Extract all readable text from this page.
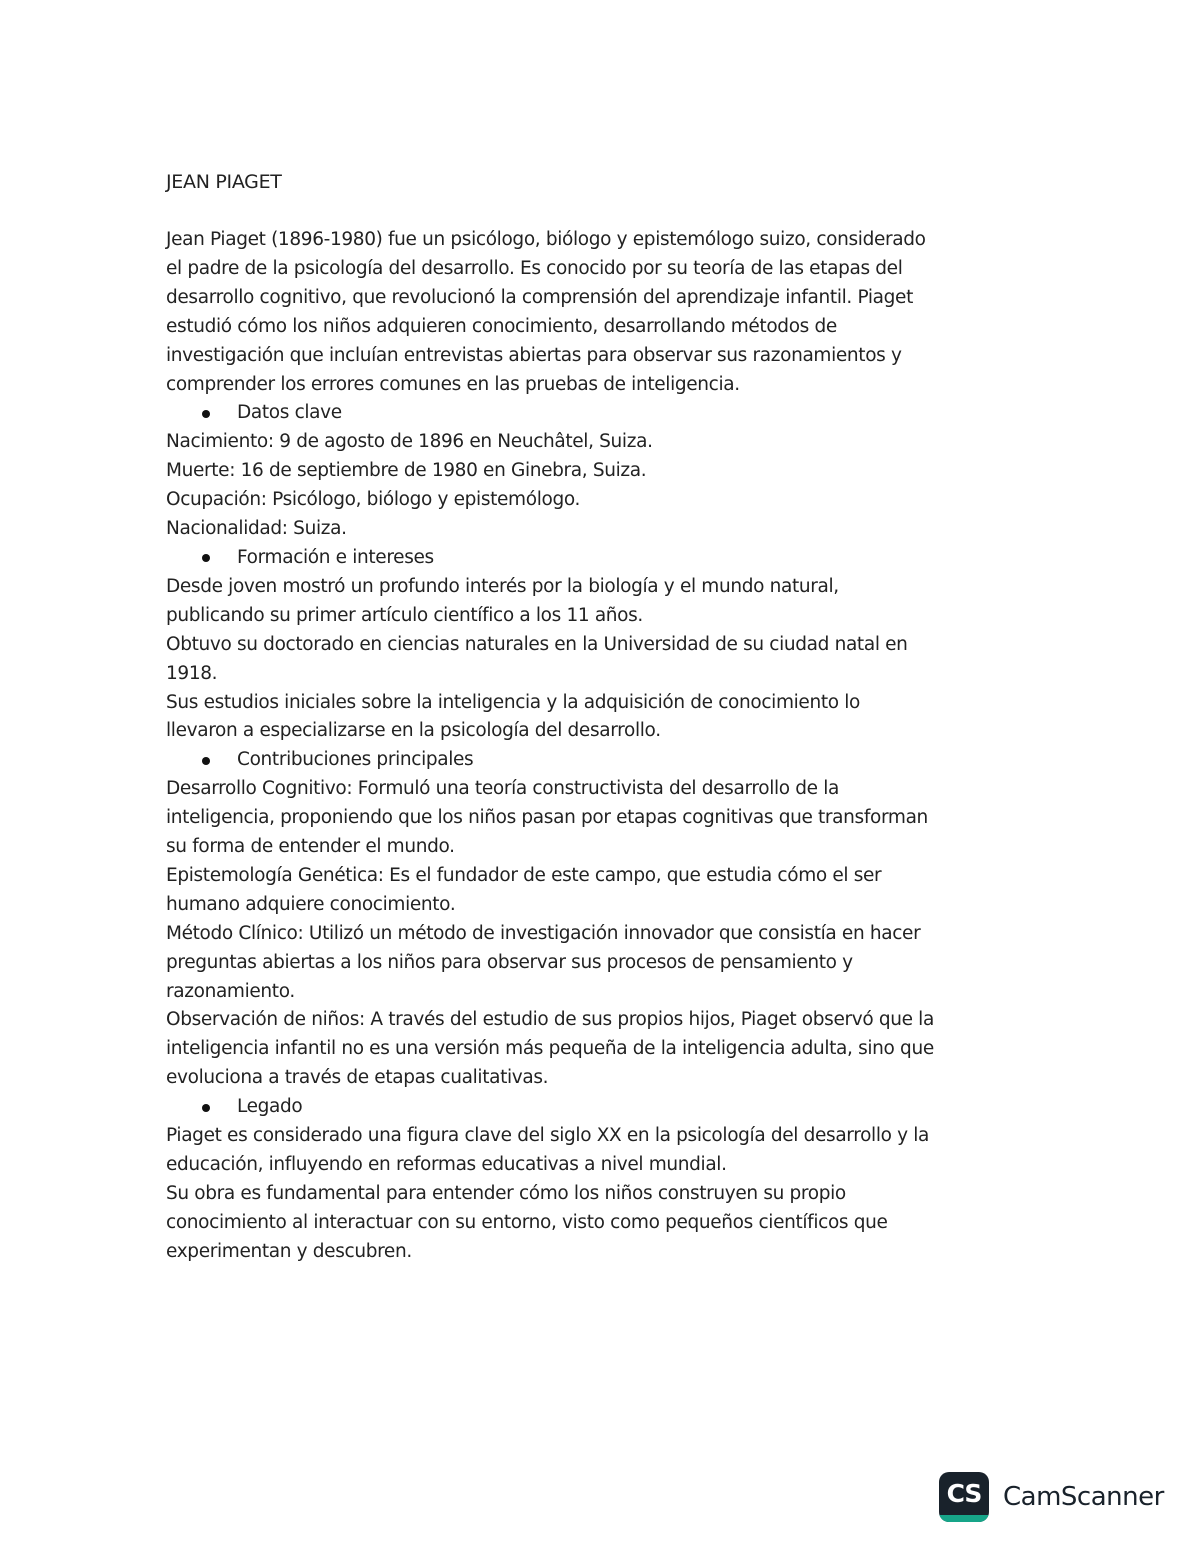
JEAN PIAGET

Jean Piaget (1896-1980) fue un psicólogo, biólogo y epistemólogo suizo, considerado

el padre de la psicología del desarrollo. Es conocido por su teoría de las etapas del

desarrollo cognitivo, que revolucionó la comprensión del aprendizaje infantil. Piaget

estudió cómo los niños adquieren conocimiento, desarrollando métodos de

investigación que incluían entrevistas abiertas para observar sus razonamientos y

comprender los errores comunes en las pruebas de inteligencia.

Datos clave

Nacimiento: 9 de agosto de 1896 en Neuchâtel, Suiza.

Muerte: 16 de septiembre de 1980 en Ginebra, Suiza.

Ocupación: Psicólogo, biólogo y epistemólogo.

Nacionalidad: Suiza.

Formación e intereses

Desde joven mostró un profundo interés por la biología y el mundo natural,

publicando su primer artículo científico a los 11 años.

Obtuvo su doctorado en ciencias naturales en la Universidad de su ciudad natal en

1918.

Sus estudios iniciales sobre la inteligencia y la adquisición de conocimiento lo

llevaron a especializarse en la psicología del desarrollo.

Contribuciones principales

Desarrollo Cognitivo: Formuló una teoría constructivista del desarrollo de la

inteligencia, proponiendo que los niños pasan por etapas cognitivas que transforman

su forma de entender el mundo.

Epistemología Genética: Es el fundador de este campo, que estudia cómo el ser

humano adquiere conocimiento.

Método Clínico: Utilizó un método de investigación innovador que consistía en hacer

preguntas abiertas a los niños para observar sus procesos de pensamiento y

razonamiento.

Observación de niños: A través del estudio de sus propios hijos, Piaget observó que la

inteligencia infantil no es una versión más pequeña de la inteligencia adulta, sino que

evoluciona a través de etapas cualitativas.

Legado

Piaget es considerado una figura clave del siglo XX en la psicología del desarrollo y la

educación, influyendo en reformas educativas a nivel mundial.

Su obra es fundamental para entender cómo los niños construyen su propio

conocimiento al interactuar con su entorno, visto como pequeños científicos que

experimentan y descubren.

CS CamScanner
